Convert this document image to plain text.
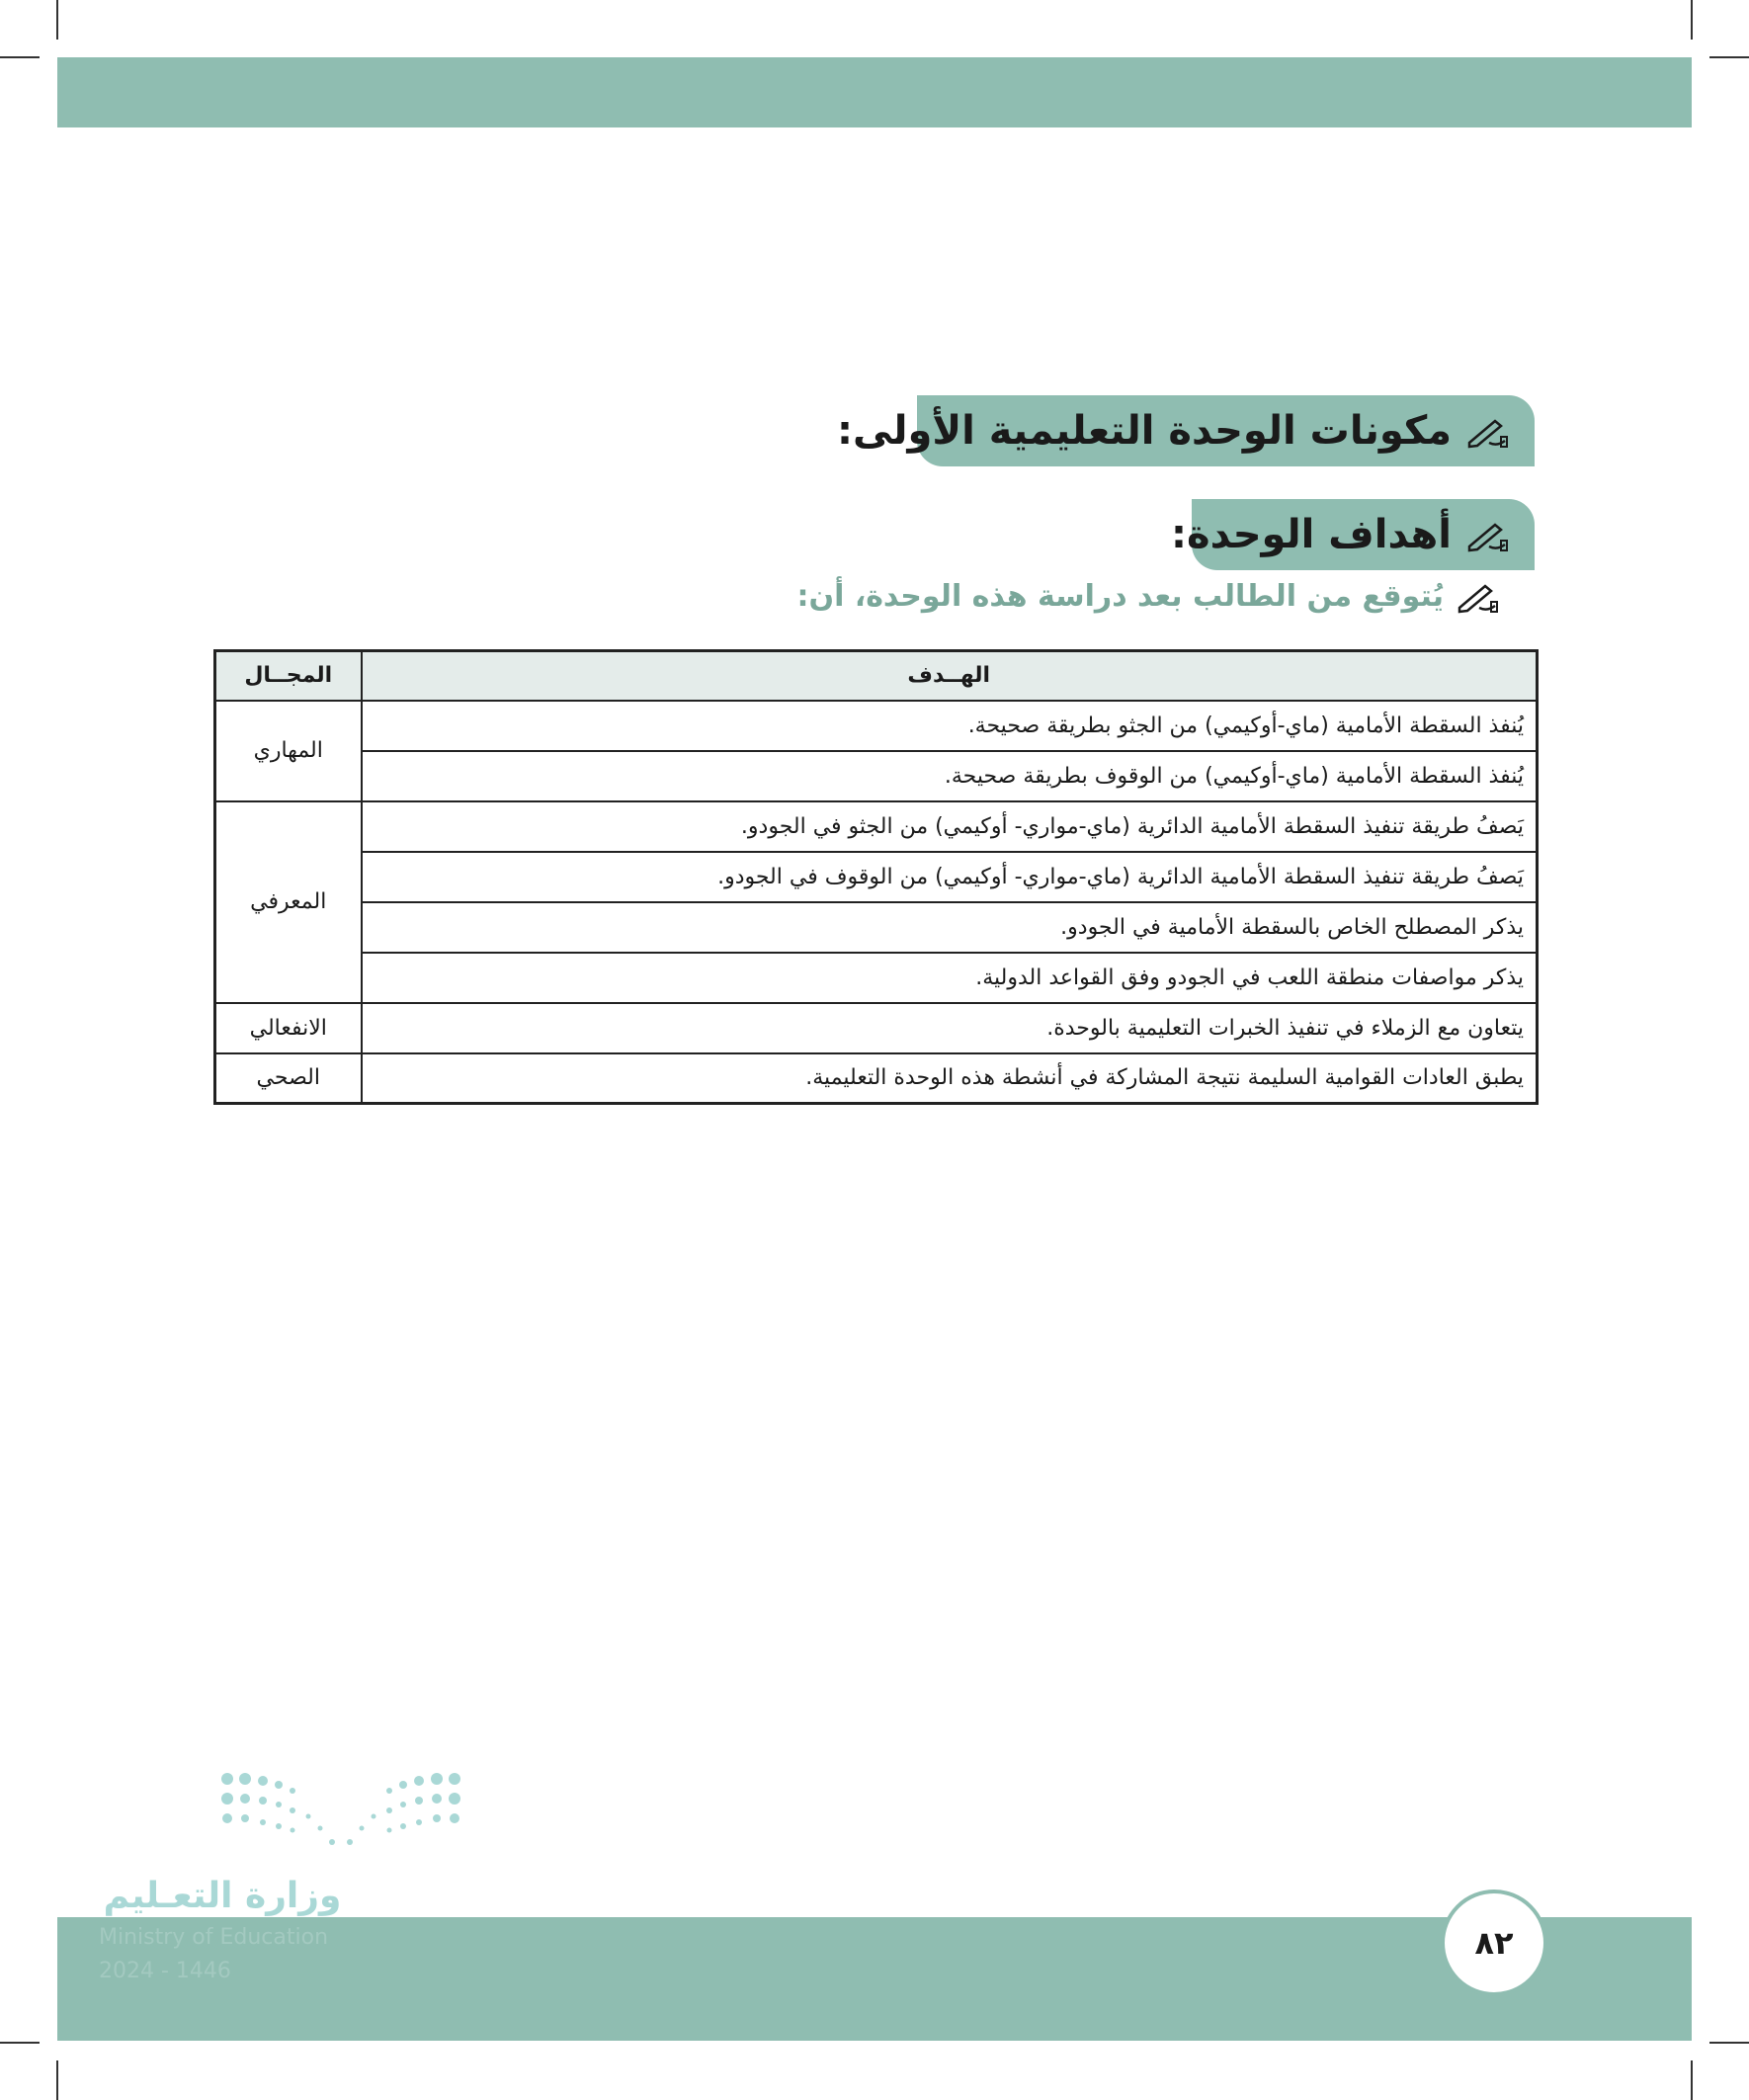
مكونات الوحدة التعليمية الأولى:
أهداف الوحدة:
يُتوقع من الطالب بعد دراسة هذه الوحدة، أن:
الهــدف	المجــال
يُنفذ السقطة الأمامية (ماي-أوكيمي) من الجثو بطريقة صحيحة.	المهاري
يُنفذ السقطة الأمامية (ماي-أوكيمي) من الوقوف بطريقة صحيحة.	
يَصفُ طريقة تنفيذ السقطة الأمامية الدائرية (ماي-مواري- أوكيمي) من الجثو في الجودو.	المعرفي
يَصفُ طريقة تنفيذ السقطة الأمامية الدائرية (ماي-مواري- أوكيمي) من الوقوف في الجودو.	
يذكر المصطلح الخاص بالسقطة الأمامية في الجودو.	
يذكر مواصفات منطقة اللعب في الجودو وفق القواعد الدولية.	
يتعاون مع الزملاء في تنفيذ الخبرات التعليمية بالوحدة.	الانفعالي
يطبق العادات القوامية السليمة نتيجة المشاركة في أنشطة هذه الوحدة التعليمية.	الصحي
وزارة التعـليم
Ministry of Education
2024 - 1446
٨٢
